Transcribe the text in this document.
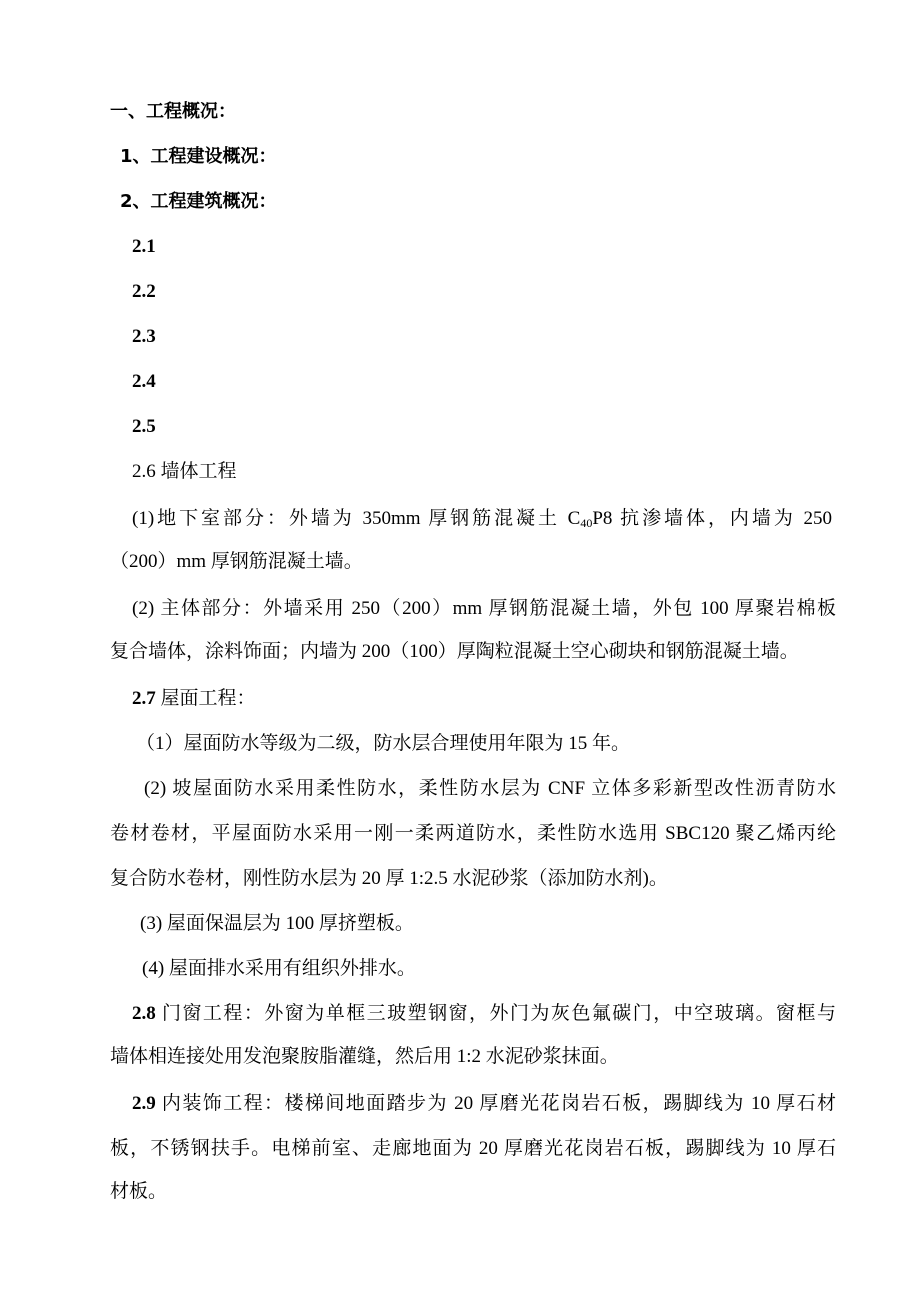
一、工程概况：
1、工程建设概况：
2、工程建筑概况：
2.1
2.2
2.3
2.4
2.5
2.6 墙体工程
(1)地下室部分：外墙为 350mm 厚钢筋混凝土 $C_{40}P8$ 抗渗墙体，内墙为 250
（200）mm 厚钢筋混凝土墙。
(2) 主体部分：外墙采用 250（200）mm 厚钢筋混凝土墙，外包 100 厚聚岩棉板
复合墙体，涂料饰面；内墙为 200（100）厚陶粒混凝土空心砌块和钢筋混凝土墙。
2.7 屋面工程：
（1）屋面防水等级为二级，防水层合理使用年限为 15 年。
(2) 坡屋面防水采用柔性防水，柔性防水层为 CNF 立体多彩新型改性沥青防水
卷材卷材，平屋面防水采用一刚一柔两道防水，柔性防水选用 SBC120 聚乙烯丙纶
复合防水卷材，刚性防水层为 20 厚 1:2.5 水泥砂浆（添加防水剂)。
(3) 屋面保温层为 100 厚挤塑板。
(4) 屋面排水采用有组织外排水。
2.8 门窗工程：外窗为单框三玻塑钢窗，外门为灰色氟碳门，中空玻璃。窗框与
墙体相连接处用发泡聚胺脂灌缝，然后用 1:2 水泥砂浆抹面。
2.9 内装饰工程：楼梯间地面踏步为 20 厚磨光花岗岩石板，踢脚线为 10 厚石材
板，不锈钢扶手。电梯前室、走廊地面为 20 厚磨光花岗岩石板，踢脚线为 10 厚石
材板。
